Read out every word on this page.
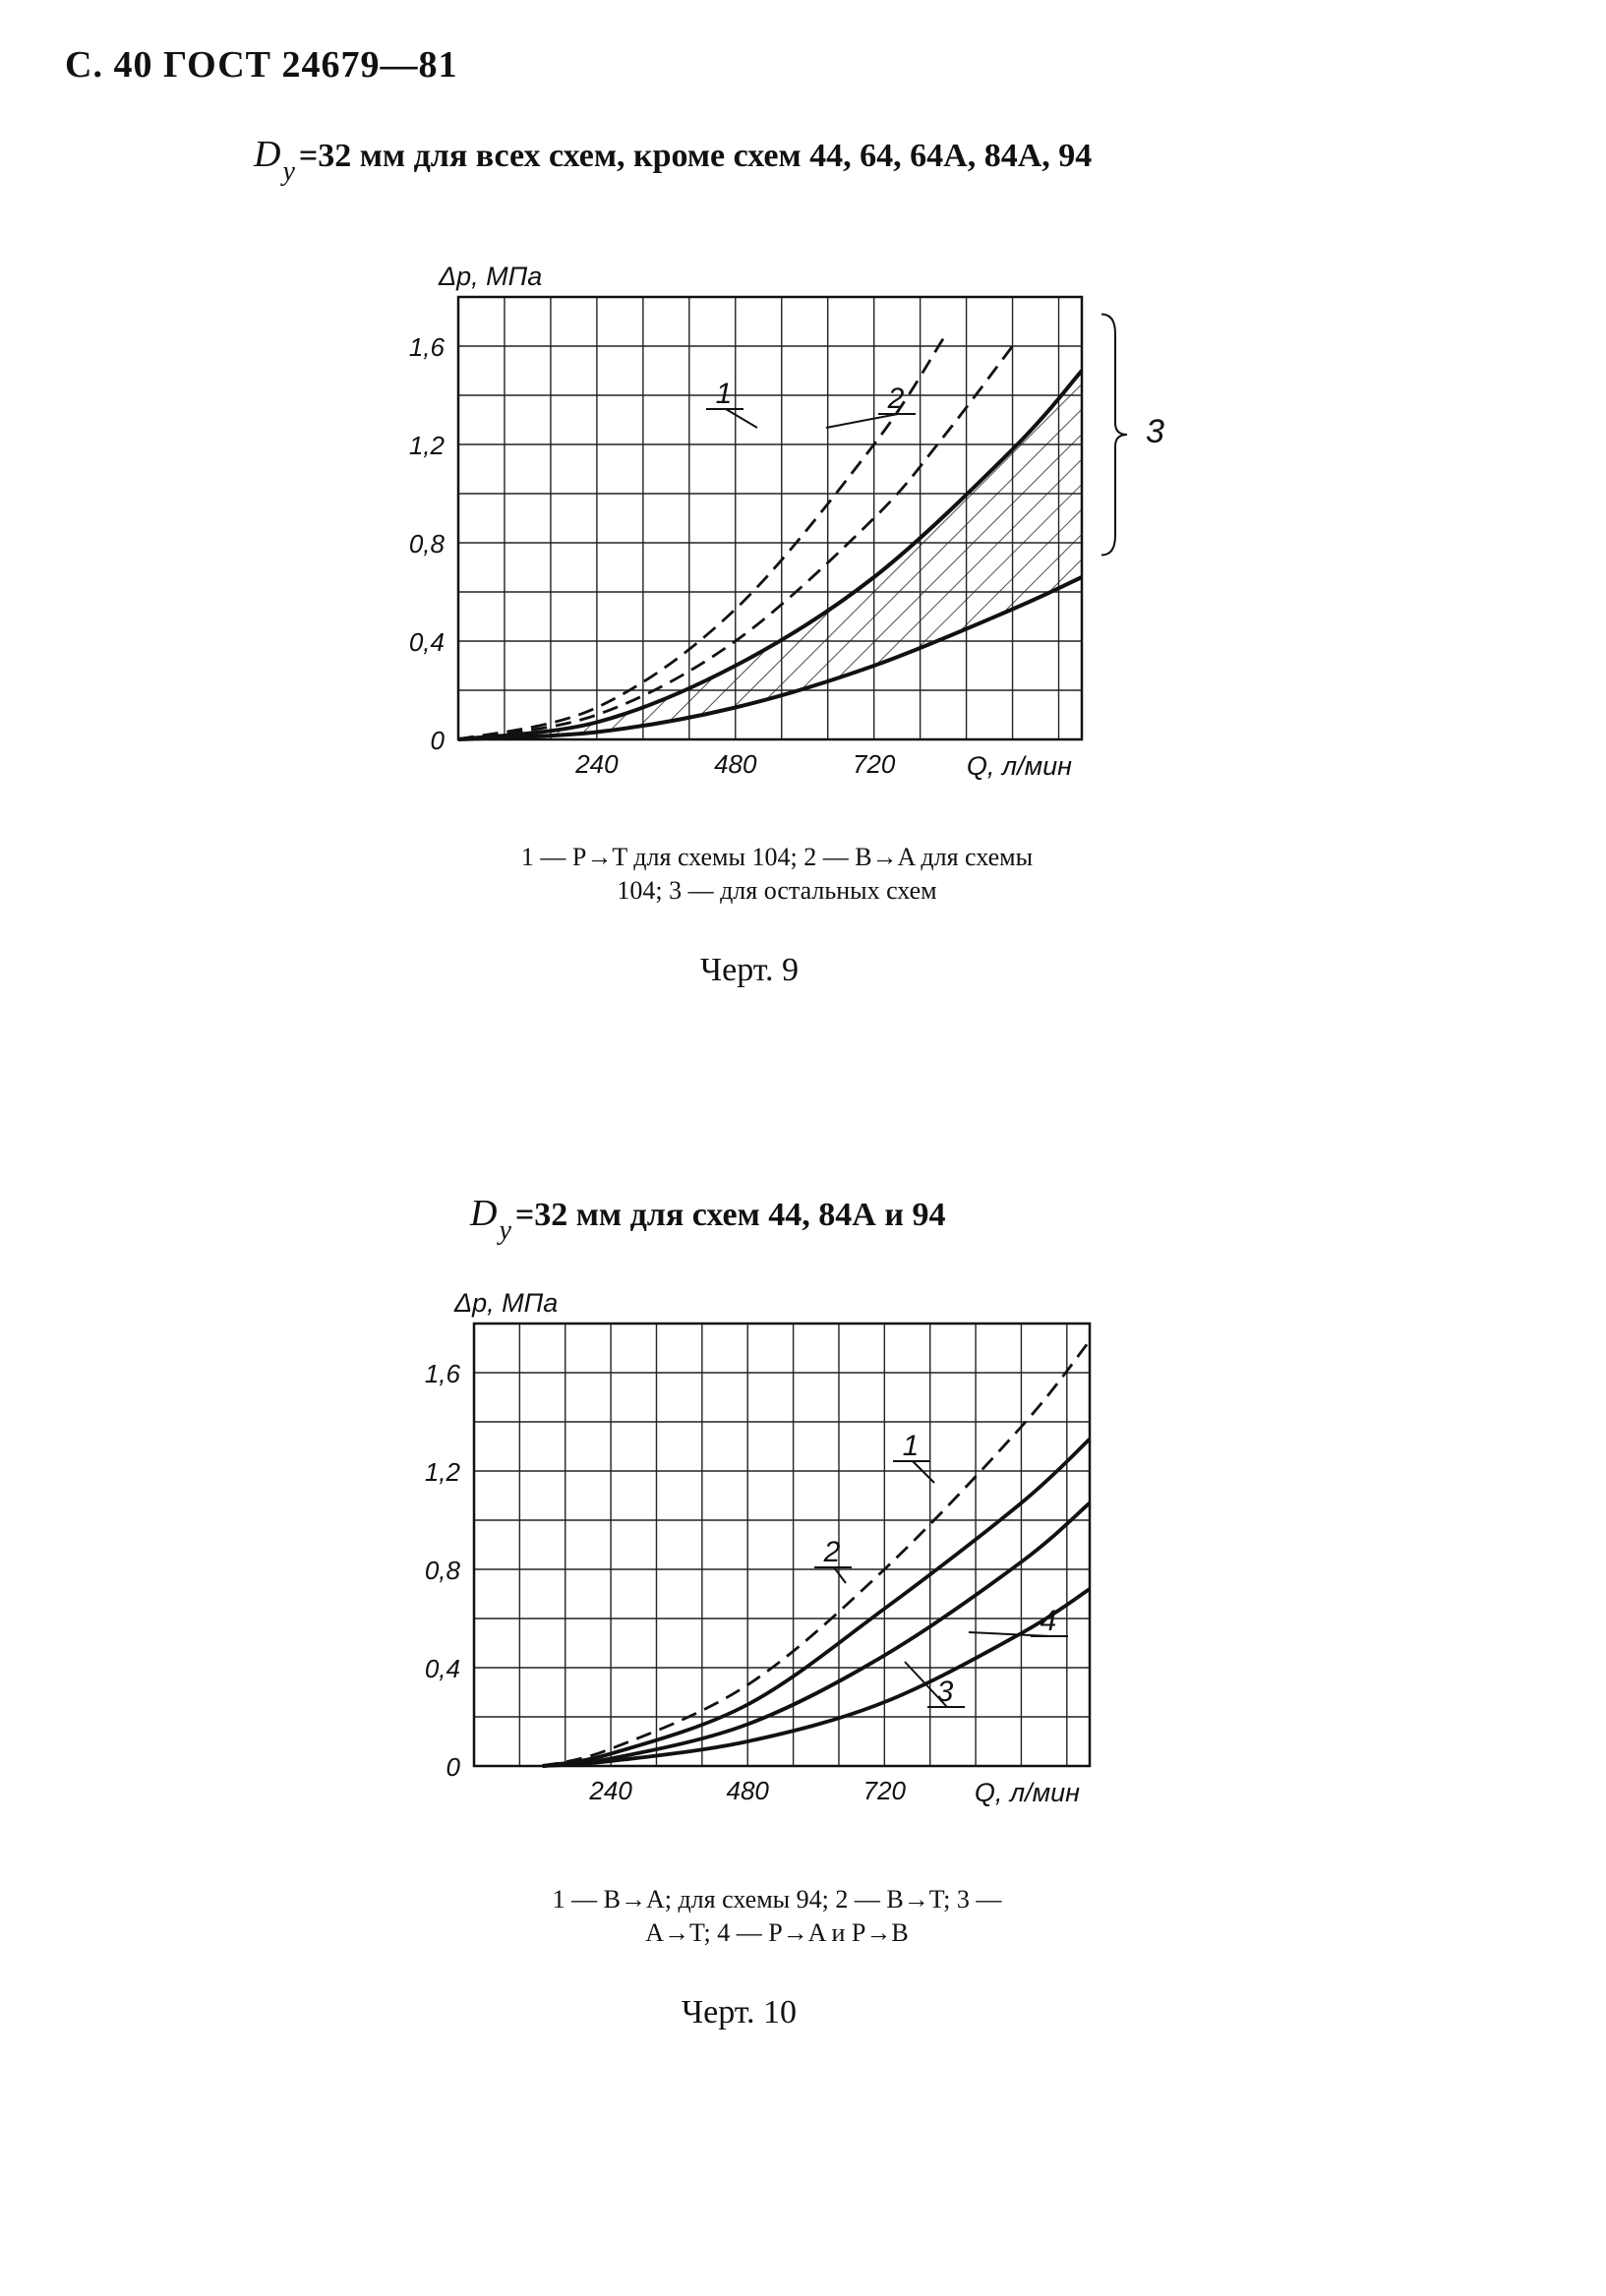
С. 40 ГОСТ 24679—81
$D_у =32$ мм для всех схем, кроме схем 44, 64, 64А, 84А, 94
0
0,4
0,8
1,2
1,6
240	480	720
Δp, МПа
Q, л/мин
1	2
3
1 — P→T для схемы 104; 2 — B→A для схемы
104; 3 — для остальных схем
Черт. 9
$D_у =32$ мм для схем 44, 84А и 94
0
0,4
0,8
1,2
1,6
240	480	720
Δp, МПа
Q, л/мин
1
2
3
4
1 — B→A; для схемы 94; 2 — B→T; 3 —
A→T; 4 — P→A и P→B
Черт. 10
